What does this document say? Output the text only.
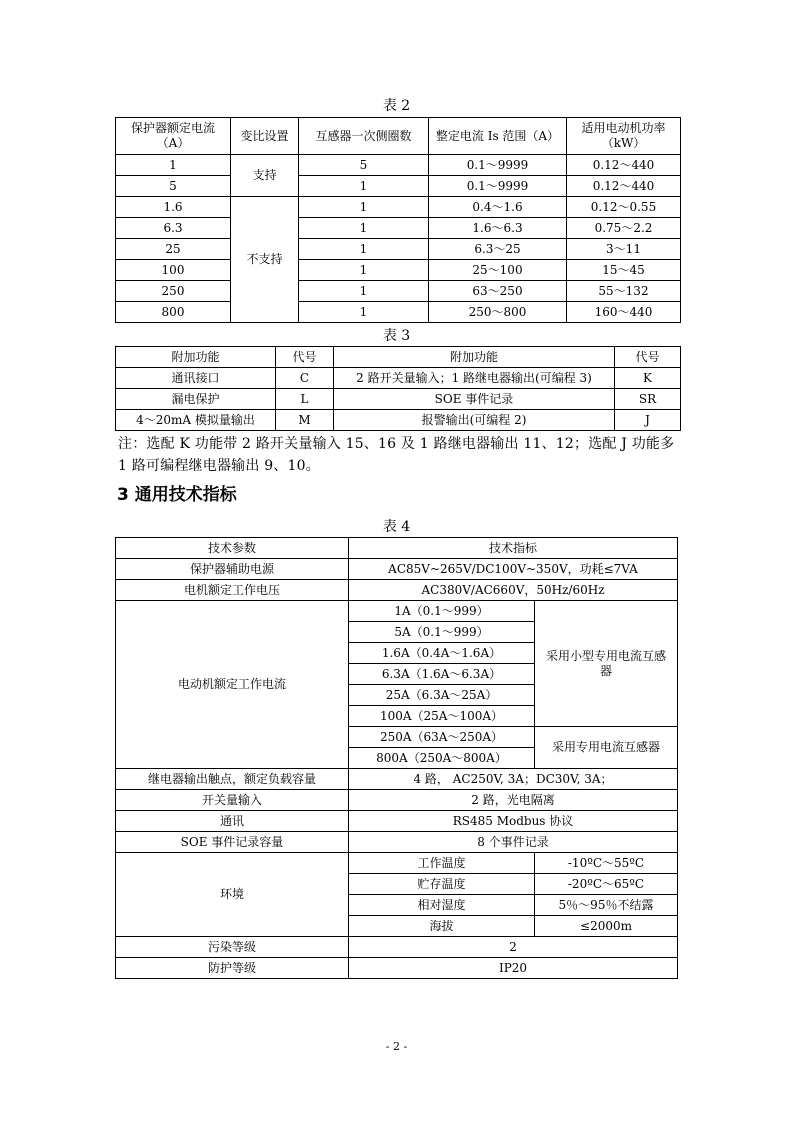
表 2
保护器额定电流（A）	变比设置	互感器一次侧圈数	整定电流 Is 范围（A）	适用电动机功率（kW）
1	支持	5	0.1～9999	0.12～440
5		1	0.1～9999	0.12～440
1.6	不支持	1	0.4～1.6	0.12～0.55
6.3		1	1.6～6.3	0.75～2.2
25		1	6.3～25	3～11
100		1	25～100	15～45
250		1	63～250	55～132
800		1	250～800	160～440
表 3
附加功能	代号	附加功能	代号
通讯接口	C	2 路开关量输入；1 路继电器输出(可编程 3)	K
漏电保护	L	SOE 事件记录	SR
4～20mA 模拟量输出	M	报警输出(可编程 2)	J
注：选配 K 功能带 2 路开关量输入 15、16 及 1 路继电器输出 11、12；选配 J 功能多 1 路可编程继电器输出 9、10。
3 通用技术指标
表 4
技术参数	技术指标	
保护器辅助电源	AC85V~265V/DC100V~350V，功耗≤7VA	
电机额定工作电压	AC380V/AC660V，50Hz/60Hz	
电动机额定工作电流	1A（0.1～999）	采用小型专用电流互感器
	5A（0.1～999）	
	1.6A（0.4A～1.6A）	
	6.3A（1.6A～6.3A）	
	25A（6.3A～25A）	
	100A（25A～100A）	
	250A（63A～250A）	采用专用电流互感器
	800A（250A～800A）	
继电器输出触点，额定负载容量	4 路， AC250V, 3A；DC30V, 3A；	
开关量输入	2 路，光电隔离	
通讯	RS485 Modbus 协议	
SOE 事件记录容量	8 个事件记录	
环境	工作温度	-10ºC～55ºC
	贮存温度	-20ºC～65ºC
	相对湿度	5％～95％不结露
	海拔	≤2000m
污染等级	2	
防护等级	IP20	
- 2 -
